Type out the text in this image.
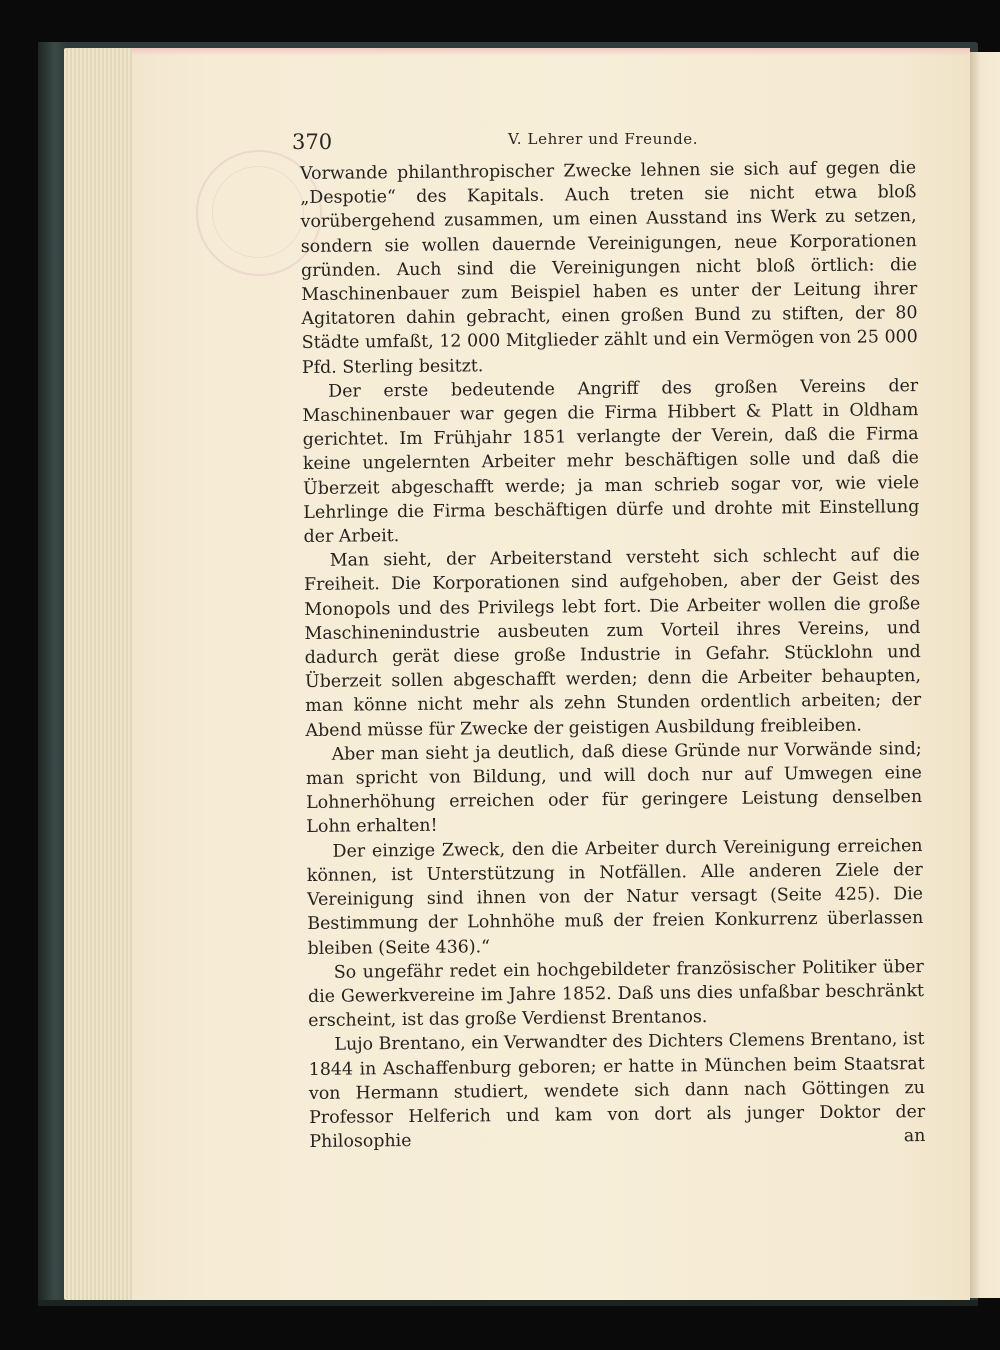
370	V. Lehrer und Freunde.

Vorwande philanthropischer Zwecke lehnen sie sich auf gegen die „Despotie“ des Kapitals. Auch treten sie nicht etwa bloß vorübergehend zusammen, um einen Ausstand ins Werk zu setzen, sondern sie wollen dauernde Vereinigungen, neue Korporationen gründen. Auch sind die Vereinigungen nicht bloß örtlich: die Maschinenbauer zum Beispiel haben es unter der Leitung ihrer Agitatoren dahin gebracht, einen großen Bund zu stiften, der 80 Städte umfaßt, 12 000 Mitglieder zählt und ein Vermögen von 25 000 Pfd. Sterling besitzt.

Der erste bedeutende Angriff des großen Vereins der Maschinenbauer war gegen die Firma Hibbert & Platt in Oldham gerichtet. Im Frühjahr 1851 verlangte der Verein, daß die Firma keine ungelernten Arbeiter mehr beschäftigen solle und daß die Überzeit abgeschafft werde; ja man schrieb sogar vor, wie viele Lehrlinge die Firma beschäftigen dürfe und drohte mit Einstellung der Arbeit.

Man sieht, der Arbeiterstand versteht sich schlecht auf die Freiheit. Die Korporationen sind aufgehoben, aber der Geist des Monopols und des Privilegs lebt fort. Die Arbeiter wollen die große Maschinenindustrie ausbeuten zum Vorteil ihres Vereins, und dadurch gerät diese große Industrie in Gefahr. Stücklohn und Überzeit sollen abgeschafft werden; denn die Arbeiter behaupten, man könne nicht mehr als zehn Stunden ordentlich arbeiten; der Abend müsse für Zwecke der geistigen Ausbildung freibleiben.

Aber man sieht ja deutlich, daß diese Gründe nur Vorwände sind; man spricht von Bildung, und will doch nur auf Umwegen eine Lohnerhöhung erreichen oder für geringere Leistung denselben Lohn erhalten!

Der einzige Zweck, den die Arbeiter durch Vereinigung erreichen können, ist Unterstützung in Notfällen. Alle anderen Ziele der Vereinigung sind ihnen von der Natur versagt (Seite 425). Die Bestimmung der Lohnhöhe muß der freien Konkurrenz überlassen bleiben (Seite 436).“

So ungefähr redet ein hochgebildeter französischer Politiker über die Gewerkvereine im Jahre 1852. Daß uns dies unfaßbar beschränkt erscheint, ist das große Verdienst Brentanos.

Lujo Brentano, ein Verwandter des Dichters Clemens Brentano, ist 1844 in Aschaffenburg geboren; er hatte in München beim Staatsrat von Hermann studiert, wendete sich dann nach Göttingen zu Professor Helferich und kam von dort als junger Doktor der Philosophie an
